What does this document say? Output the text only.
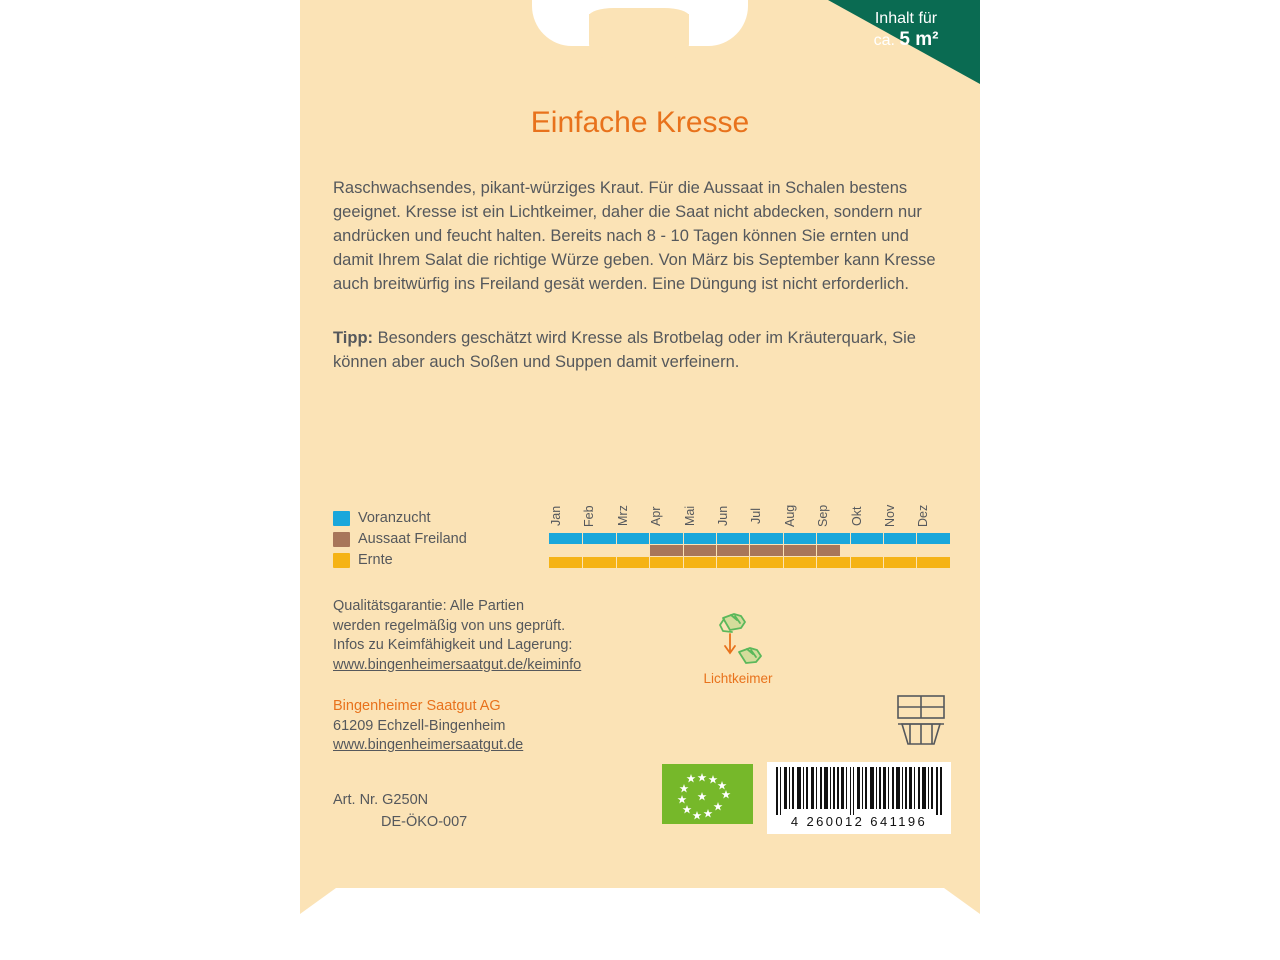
Inhalt für
ca. 5 m²
Einfache Kresse
Raschwachsendes, pikant-würziges Kraut. Für die Aussaat in Schalen bestens geeignet. Kresse ist ein Lichtkeimer, daher die Saat nicht abdecken, sondern nur andrücken und feucht halten. Bereits nach 8 - 10 Tagen können Sie ernten und damit Ihrem Salat die richtige Würze geben. Von März bis September kann Kresse auch breitwürfig ins Freiland gesät werden. Eine Düngung ist nicht erforderlich.
Tipp: Besonders geschätzt wird Kresse als Brotbelag oder im Kräuterquark, Sie können aber auch Soßen und Suppen damit verfeinern.
Voranzucht
Aussaat Freiland
Ernte
Jan	Feb	Mrz	Apr	Mai	Jun	Jul	Aug	Sep	Okt	Nov	Dez
Qualitätsgarantie: Alle Partien
werden regelmäßig von uns geprüft.
Infos zu Keimfähigkeit und Lagerung:
www.bingenheimersaatgut.de/keiminfo
Bingenheimer Saatgut AG
61209 Echzell-Bingenheim
www.bingenheimersaatgut.de
Art. Nr. G250N
DE-ÖKO-007
Lichtkeimer
4 260012 641196
